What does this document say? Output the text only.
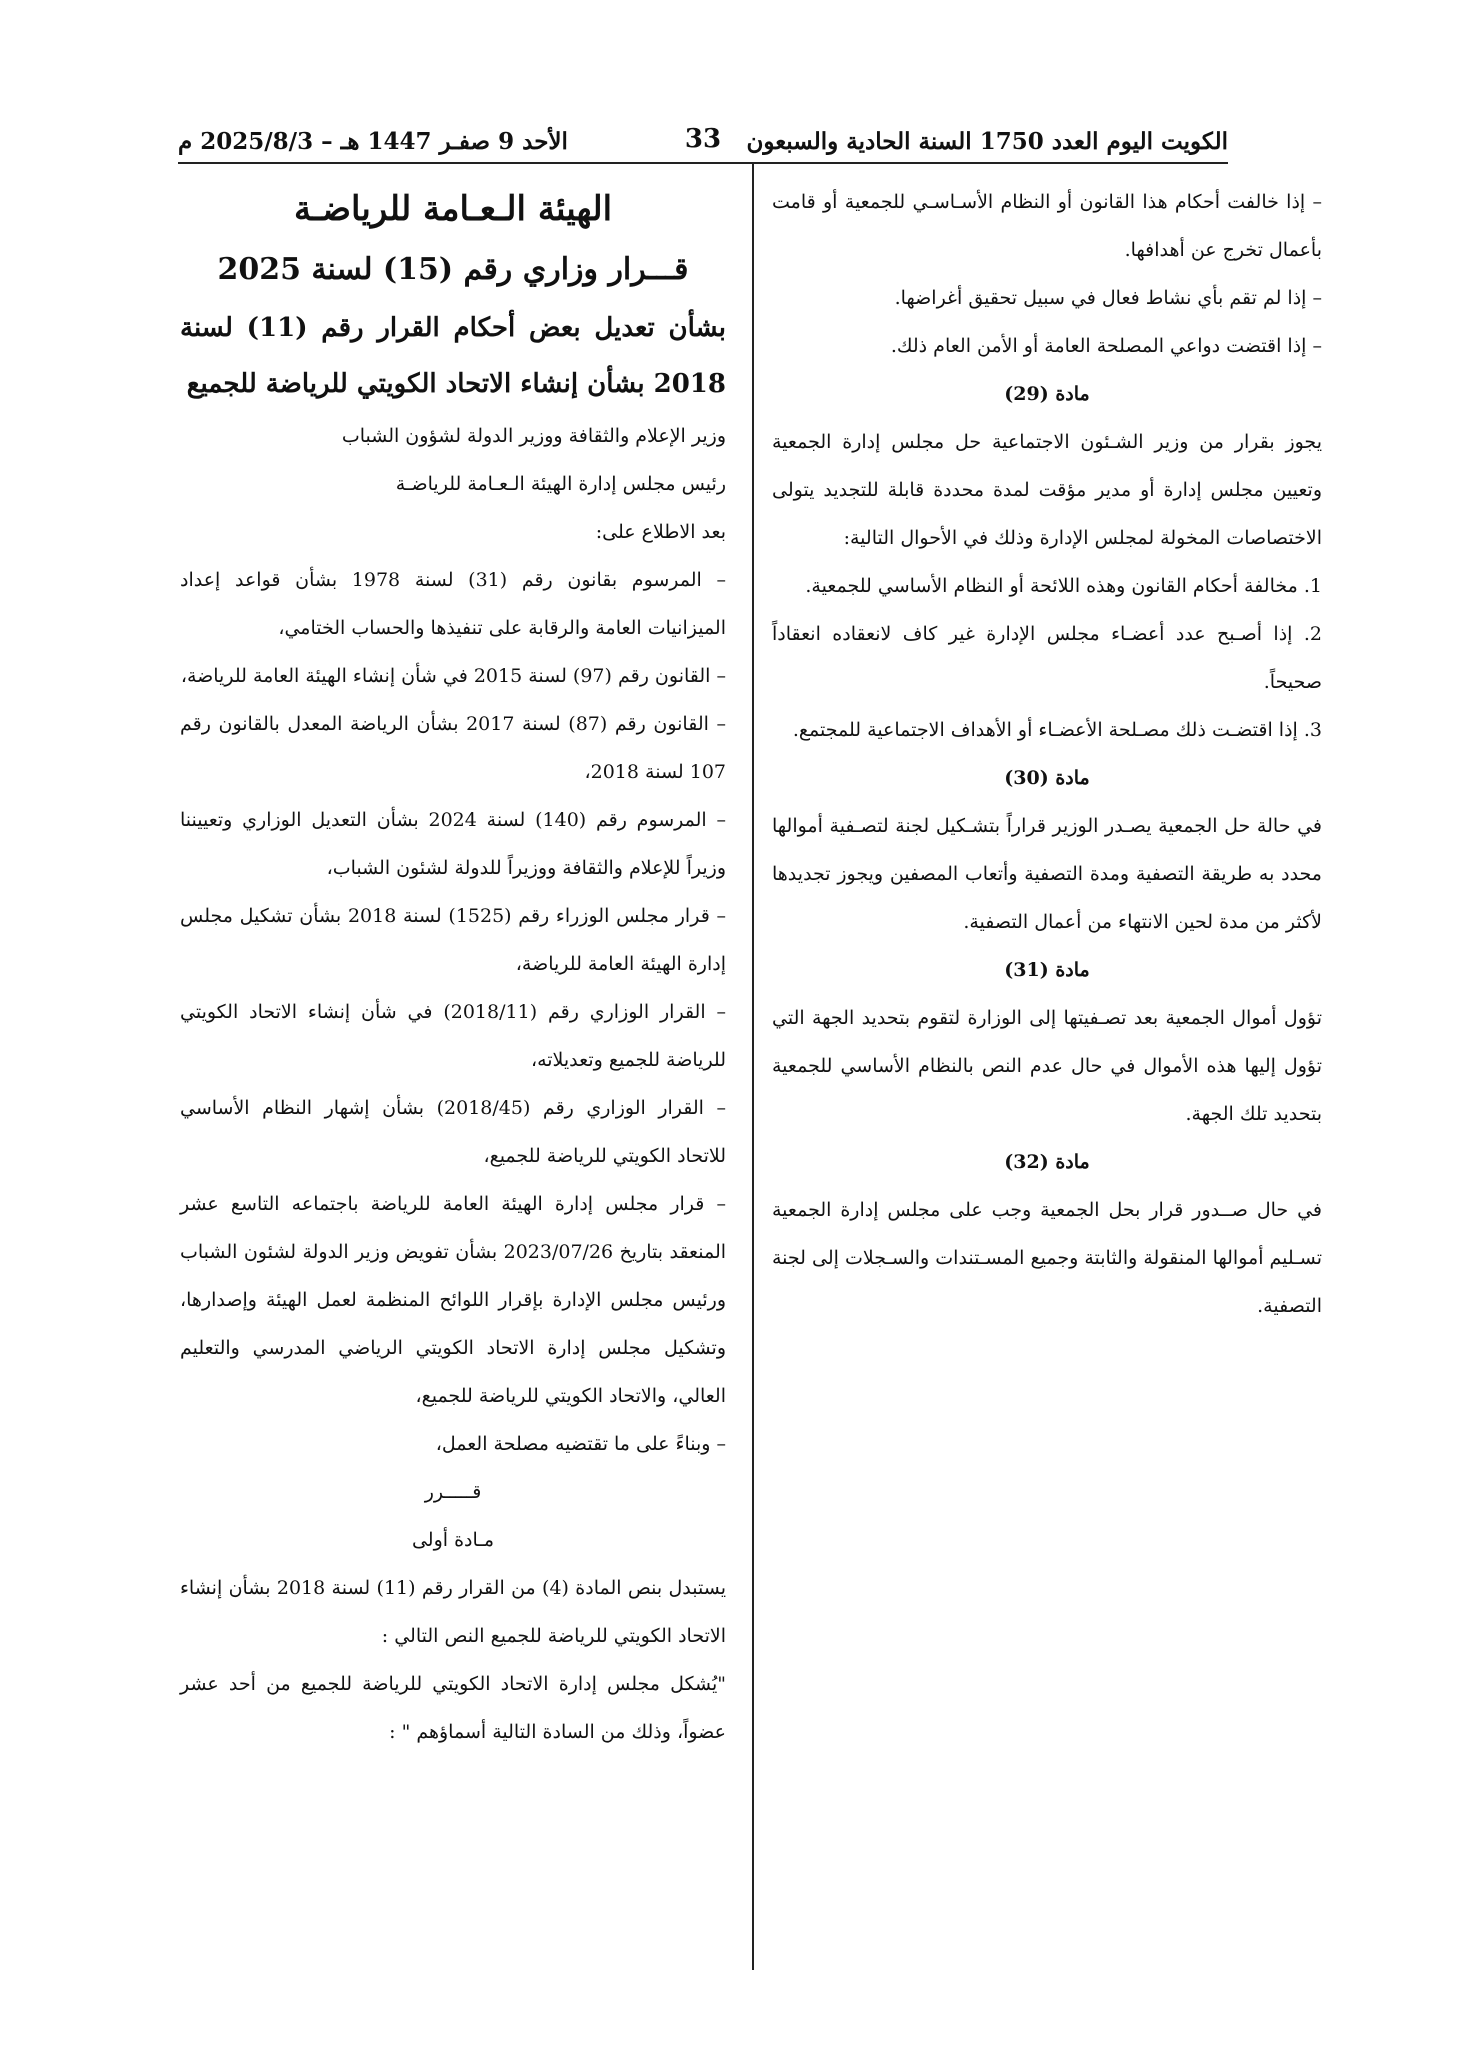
الكويت اليوم العدد 1750 السنة الحادية والسبعون
33
الأحد 9 صفـر 1447 هـ – 2025/8/3 م

– إذا خالفت أحكام هذا القانون أو النظام الأسـاسـي للجمعية أو قامت بأعمال تخرج عن أهدافها.

– إذا لم تقم بأي نشاط فعال في سبيل تحقيق أغراضها.

– إذا اقتضت دواعي المصلحة العامة أو الأمن العام ذلك.

مادة (29)

يجوز بقرار من وزير الشـئون الاجتماعية حل مجلس إدارة الجمعية وتعيين مجلس إدارة أو مدير مؤقت لمدة محددة قابلة للتجديد يتولى الاختصاصات المخولة لمجلس الإدارة وذلك في الأحوال التالية:

1. مخالفة أحكام القانون وهذه اللائحة أو النظام الأساسي للجمعية.

2. إذا أصـبح عدد أعضـاء مجلس الإدارة غير كاف لانعقاده انعقاداً صحيحاً.

3. إذا اقتضـت ذلك مصـلحة الأعضـاء أو الأهداف الاجتماعية للمجتمع.

مادة (30)

في حالة حل الجمعية يصـدر الوزير قراراً بتشـكيل لجنة لتصـفية أموالها محدد به طريقة التصفية ومدة التصفية وأتعاب المصفين ويجوز تجديدها لأكثر من مدة لحين الانتهاء من أعمال التصفية.

مادة (31)

تؤول أموال الجمعية بعد تصـفيتها إلى الوزارة لتقوم بتحديد الجهة التي تؤول إليها هذه الأموال في حال عدم النص بالنظام الأساسي للجمعية بتحديد تلك الجهة.

مادة (32)

في حال صــدور قرار بحل الجمعية وجب على مجلس إدارة الجمعية تسـليم أموالها المنقولة والثابتة وجميع المسـتندات والسـجلات إلى لجنة التصفية.

الهيئة الـعـامة للرياضـة

قـــرار وزاري رقم (15) لسنة 2025

بشأن تعديل بعض أحكام القرار رقم (11) لسنة 2018 بشأن إنشاء الاتحاد الكويتي للرياضة للجميع

وزير الإعلام والثقافة ووزير الدولة لشؤون الشباب

رئيس مجلس إدارة الهيئة الـعـامة للرياضـة

بعد الاطلاع على:

– المرسوم بقانون رقم (31) لسنة 1978 بشأن قواعد إعداد الميزانيات العامة والرقابة على تنفيذها والحساب الختامي،

– القانون رقم (97) لسنة 2015 في شأن إنشاء الهيئة العامة للرياضة،

– القانون رقم (87) لسنة 2017 بشأن الرياضة المعدل بالقانون رقم 107 لسنة 2018،

– المرسوم رقم (140) لسنة 2024 بشأن التعديل الوزاري وتعييننا وزيراً للإعلام والثقافة ووزيراً للدولة لشئون الشباب،

– قرار مجلس الوزراء رقم (1525) لسنة 2018 بشأن تشكيل مجلس إدارة الهيئة العامة للرياضة،

– القرار الوزاري رقم (2018/11) في شأن إنشاء الاتحاد الكويتي للرياضة للجميع وتعديلاته،

– القرار الوزاري رقم (2018/45) بشأن إشهار النظام الأساسي للاتحاد الكويتي للرياضة للجميع،

– قرار مجلس إدارة الهيئة العامة للرياضة باجتماعه التاسع عشر المنعقد بتاريخ 2023/07/26 بشأن تفويض وزير الدولة لشئون الشباب ورئيس مجلس الإدارة بإقرار اللوائح المنظمة لعمل الهيئة وإصدارها، وتشكيل مجلس إدارة الاتحاد الكويتي الرياضي المدرسي والتعليم العالي، والاتحاد الكويتي للرياضة للجميع،

– وبناءً على ما تقتضيه مصلحة العمل،

قـــــرر

مـادة أولى

يستبدل بنص المادة (4) من القرار رقم (11) لسنة 2018 بشأن إنشاء الاتحاد الكويتي للرياضة للجميع النص التالي :

"يُشكل مجلس إدارة الاتحاد الكويتي للرياضة للجميع من أحد عشر عضواً، وذلك من السادة التالية أسماؤهم " :
